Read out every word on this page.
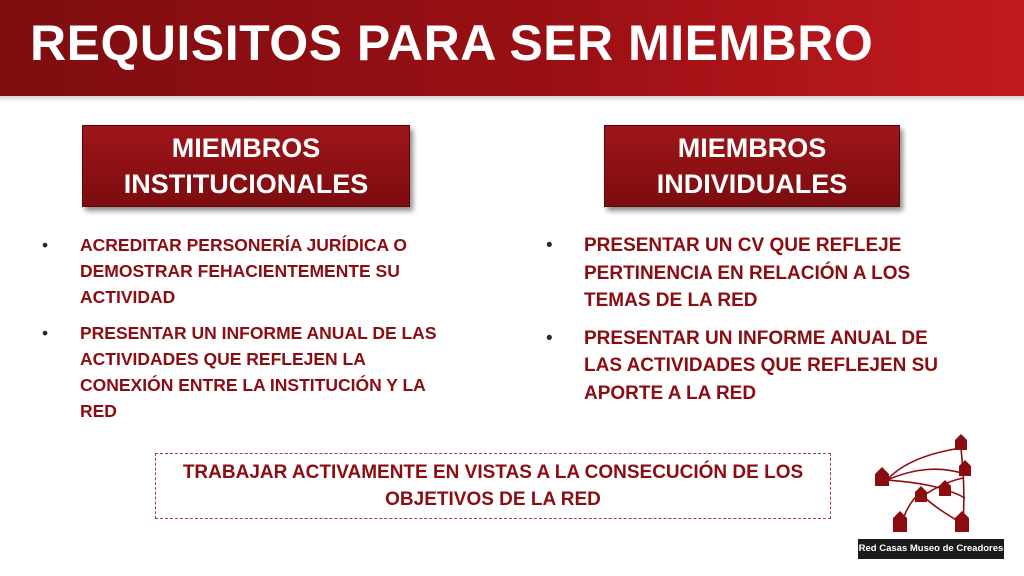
REQUISITOS PARA SER MIEMBRO
MIEMBROS
INSTITUCIONALES
MIEMBROS
INDIVIDUALES
• ACREDITAR PERSONERÍA JURÍDICA O DEMOSTRAR FEHACIENTEMENTE SU ACTIVIDAD
• PRESENTAR UN INFORME ANUAL DE LAS ACTIVIDADES QUE REFLEJEN LA CONEXIÓN ENTRE LA INSTITUCIÓN Y LA RED
• PRESENTAR UN CV QUE REFLEJE PERTINENCIA EN RELACIÓN A LOS TEMAS DE LA RED
• PRESENTAR UN INFORME ANUAL DE LAS ACTIVIDADES QUE REFLEJEN SU APORTE A LA RED
TRABAJAR ACTIVAMENTE EN VISTAS A LA CONSECUCIÓN DE LOS OBJETIVOS DE LA RED
Red Casas Museo de Creadores
